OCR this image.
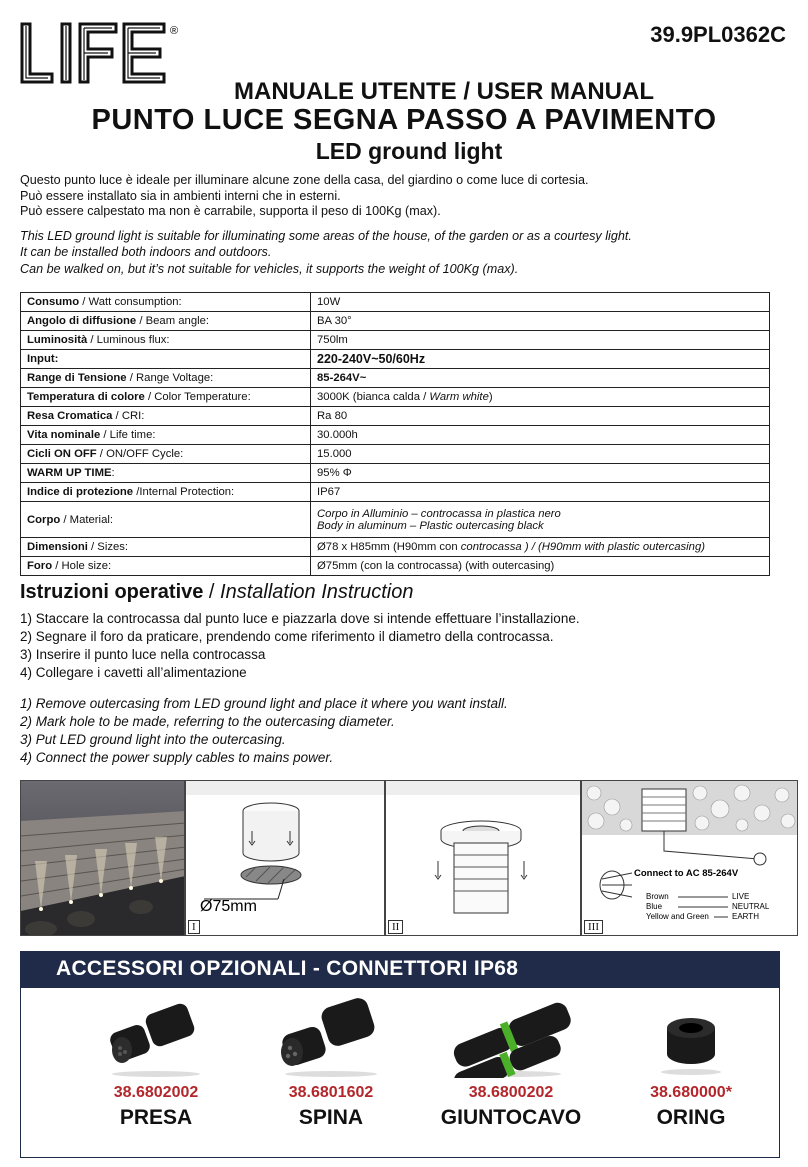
®	39.9PL0362C
MANUALE UTENTE / USER MANUAL
PUNTO LUCE SEGNA PASSO A PAVIMENTO
LED ground light

Questo punto luce è ideale per illuminare alcune zone della casa, del giardino o come luce di cortesia.

Può essere installato sia in ambienti interni che in esterni.

Può essere calpestato ma non è carrabile, supporta il peso di 100Kg (max).

This LED ground light is suitable for illuminating some areas of the house, of the garden or as a courtesy light.

It can be installed both indoors and outdoors.

Can be walked on, but it’s not suitable for vehicles, it supports the weight of 100Kg (max).

Consumo / Watt consumption:	10W
Angolo di diffusione / Beam angle:	BA 30°
Luminosità / Luminous flux:	750lm
Input:	220-240V~50/60Hz
Range di Tensione / Range Voltage:	85-264V~
Temperatura di colore / Color Temperature:	3000K (bianca calda / Warm white)
Resa Cromatica / CRI:	Ra 80
Vita nominale / Life time:	30.000h
Cicli ON OFF / ON/OFF Cycle:	15.000
WARM UP TIME:	95% Φ
Indice di protezione /Internal Protection:	IP67
Corpo / Material:	Corpo in Alluminio – controcassa in plastica nero
Body in aluminum – Plastic outercasing black

Dimensioni / Sizes:	Ø78 x H85mm (H90mm con controcassa ) / (H90mm with plastic outercasing)
Foro / Hole size:	Ø75mm (con la controcassa) (with outercasing)
Istruzioni operative / Installation Instruction

1) Staccare la controcassa dal punto luce e piazzarla dove si intende effettuare l’installazione.

2) Segnare il foro da praticare, prendendo come riferimento il diametro della controcassa.

3) Inserire il punto luce nella controcassa

4) Collegare i cavetti all’alimentazione

1) Remove outercasing from LED ground light and place it where you want install.

2) Mark hole to be made, referring to the outercasing diameter.

3) Put LED ground light into the outercasing.

4) Connect the power supply cables to mains power.

Ø75mm
I	II
Connect to AC 85-264V
Brown	LIVE
Blue	NEUTRAL
Yellow and Green	EARTH
III
ACCESSORI OPZIONALI - CONNETTORI IP68
38.6802002
PRESA
38.6801602
SPINA
38.6800202
GIUNTOCAVO
38.680000*
ORING
